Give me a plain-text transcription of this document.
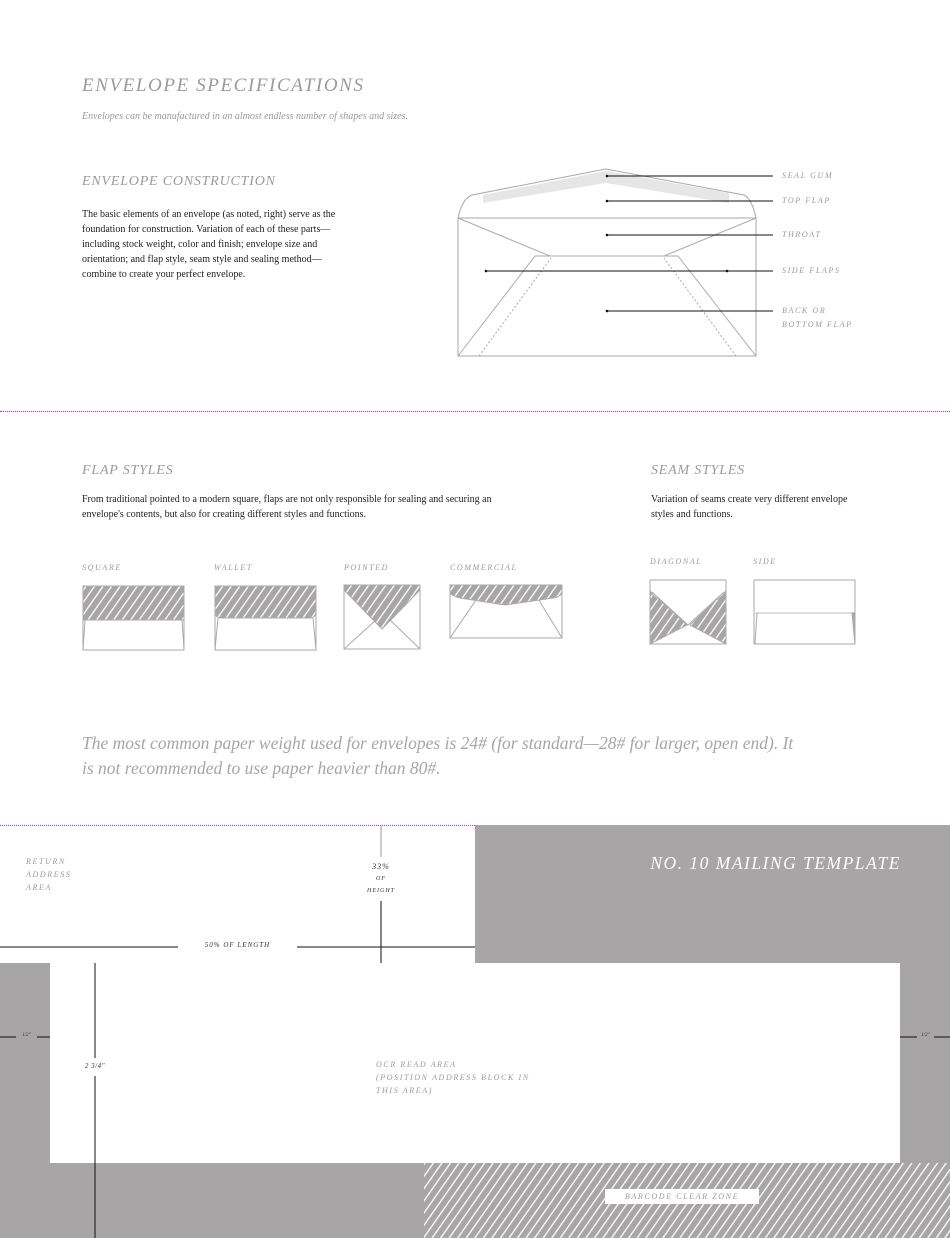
ENVELOPE SPECIFICATIONS
Envelopes can be manufactured in an almost endless number of shapes and sizes.
ENVELOPE CONSTRUCTION
The basic elements of an envelope (as noted, right) serve as the foundation for construction. Variation of each of these parts—including stock weight, color and finish; envelope size and orientation; and flap style, seam style and sealing method—combine to create your perfect envelope.
SEAL GUM
TOP FLAP
THROAT
SIDE FLAPS
BACK OR
BOTTOM FLAP
FLAP STYLES
From traditional pointed to a modern square, flaps are not only responsible for sealing and securing an envelope's contents, but also for creating different styles and functions.
SEAM STYLES
Variation of seams create very different envelope styles and functions.
SQUARE	WALLET	POINTED	COMMERCIAL
DIAGONAL	SIDE
The most common paper weight used for envelopes is 24# (for standard—28# for larger, open end). It is not recommended to use paper heavier than 80#.
NO. 10 MAILING TEMPLATE
RETURN
ADDRESS
AREA
BARCODE CLEAR ZONE
33%
OF
HEIGHT
50% OF LENGTH
1/2"	1/2"
2 3/4"	OCR READ AREA
(POSITION ADDRESS BLOCK IN
THIS AREA)
